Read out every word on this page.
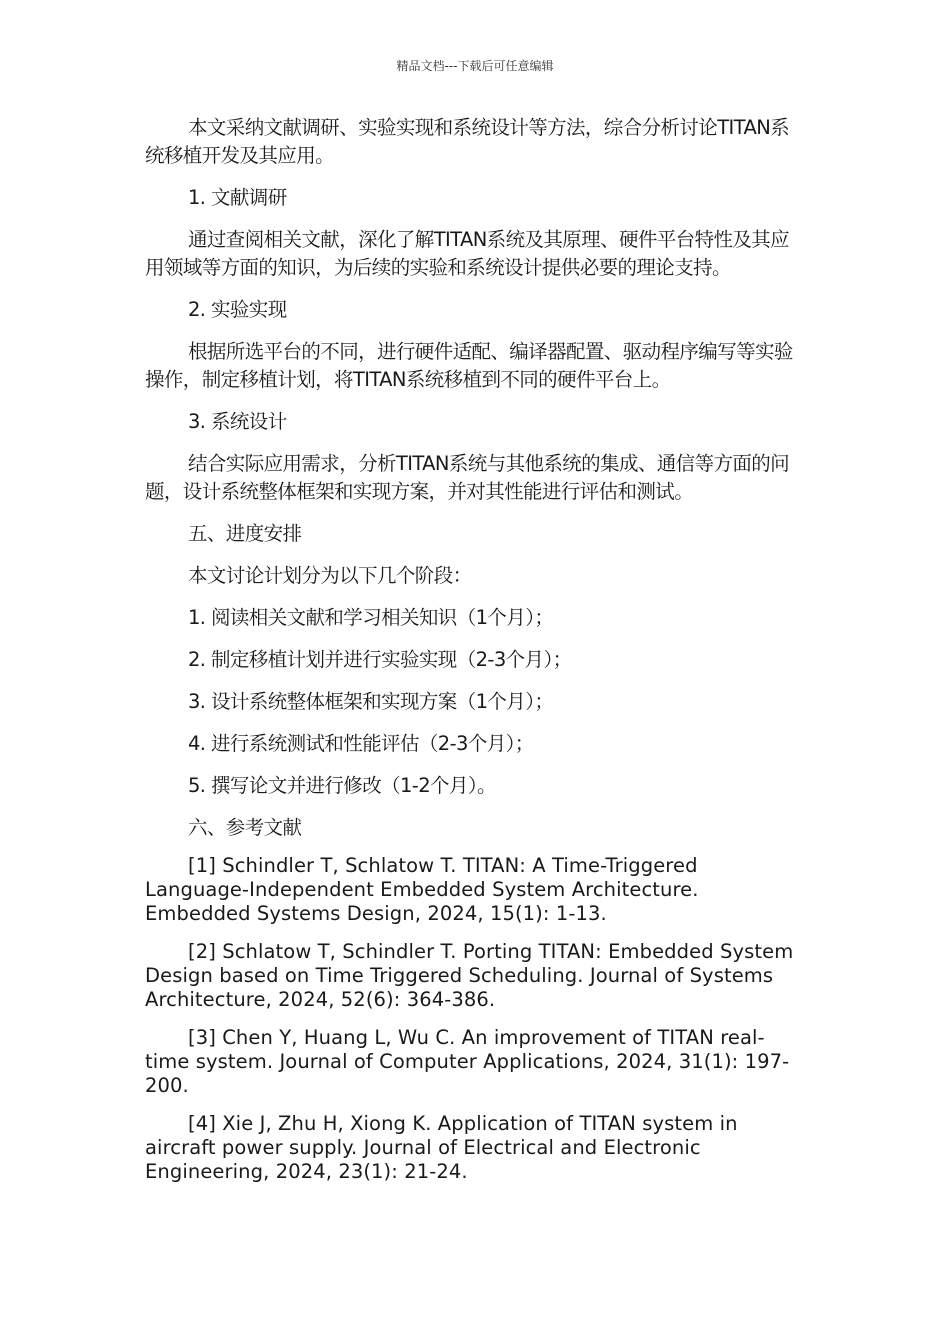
精品文档---下载后可任意编辑

本文采纳文献调研、实验实现和系统设计等方法，综合分析讨论TITAN系统移植开发及其应用。

1. 文献调研

通过查阅相关文献，深化了解TITAN系统及其原理、硬件平台特性及其应用领域等方面的知识，为后续的实验和系统设计提供必要的理论支持。

2. 实验实现

根据所选平台的不同，进行硬件适配、编译器配置、驱动程序编写等实验操作，制定移植计划，将TITAN系统移植到不同的硬件平台上。

3. 系统设计

结合实际应用需求，分析TITAN系统与其他系统的集成、通信等方面的问题，设计系统整体框架和实现方案，并对其性能进行评估和测试。

五、进度安排

本文讨论计划分为以下几个阶段：

1. 阅读相关文献和学习相关知识（1个月）；

2. 制定移植计划并进行实验实现（2-3个月）；

3. 设计系统整体框架和实现方案（1个月）；

4. 进行系统测试和性能评估（2-3个月）；

5. 撰写论文并进行修改（1-2个月）。

六、参考文献

[1] Schindler T, Schlatow T. TITAN: A Time-Triggered Language-Independent Embedded System Architecture. Embedded Systems Design, 2024, 15(1): 1-13.

[2] Schlatow T, Schindler T. Porting TITAN: Embedded System Design based on Time Triggered Scheduling. Journal of Systems Architecture, 2024, 52(6): 364-386.

[3] Chen Y, Huang L, Wu C. An improvement of TITAN real-time system. Journal of Computer Applications, 2024, 31(1): 197-200.

[4] Xie J, Zhu H, Xiong K. Application of TITAN system in aircraft power supply. Journal of Electrical and Electronic Engineering, 2024, 23(1): 21-24.
